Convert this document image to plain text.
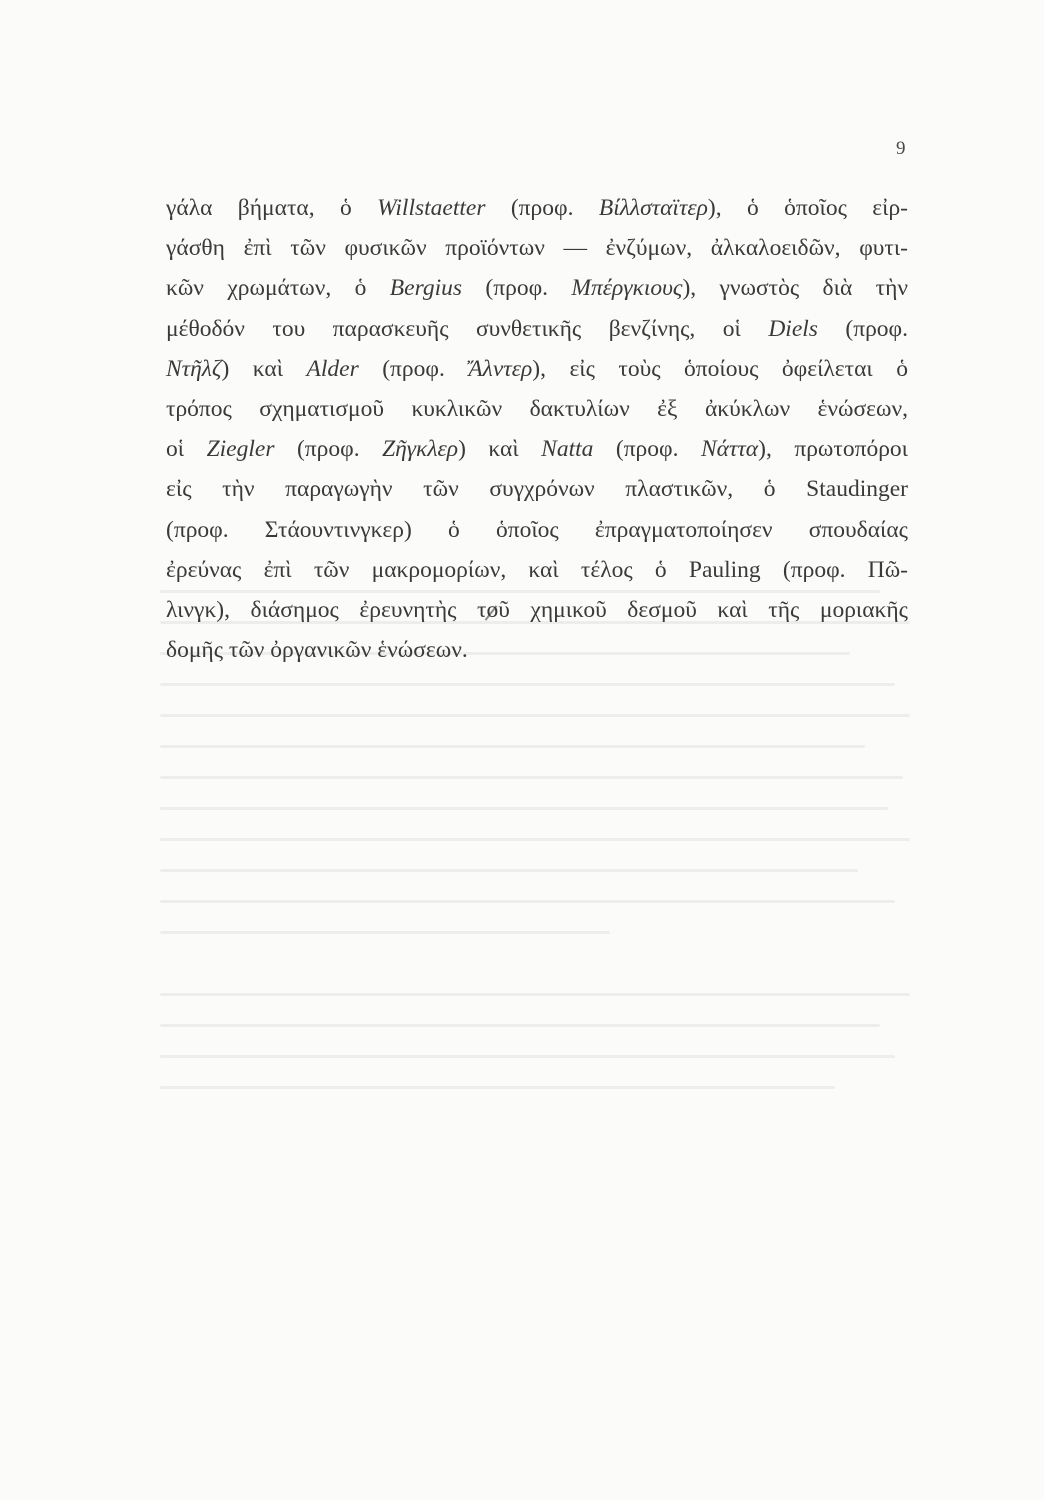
9
γάλα βήματα, ὁ Willstaetter (προφ. Βίλλσταϊτερ), ὁ ὁποῖος εἰρ-
γάσθη ἐπὶ τῶν φυσικῶν προϊόντων — ἐνζύμων, ἀλκαλοειδῶν, φυτι-
κῶν χρωμάτων, ὁ Bergius (προφ. Μπέργκιους), γνωστὸς διὰ τὴν
μέθοδόν του παρασκευῆς συνθετικῆς βενζίνης, οἱ Diels (προφ.
Ντῆλζ) καὶ Alder (προφ. Ἄλντερ), εἰς τοὺς ὁποίους ὀφείλεται ὁ
τρόπος σχηματισμοῦ κυκλικῶν δακτυλίων ἐξ ἀκύκλων ἑνώσεων,
οἱ Ziegler (προφ. Ζῆγκλερ) καὶ Natta (προφ. Νάττα), πρωτοπόροι
εἰς τὴν παραγωγὴν τῶν συγχρόνων πλαστικῶν, ὁ Staudinger
(προφ. Στάουντινγκερ) ὁ ὁποῖος ἐπραγματοποίησεν σπουδαίας
ἐρεύνας ἐπὶ τῶν μακρομορίων, καὶ τέλος ὁ Pauling (προφ. Πῶ-
λινγκ), διάσημος ἐρευνητὴς τοῦ χημικοῦ δεσμοῦ καὶ τῆς μοριακῆς
δομῆς τῶν ὀργανικῶν ἑνώσεων.
